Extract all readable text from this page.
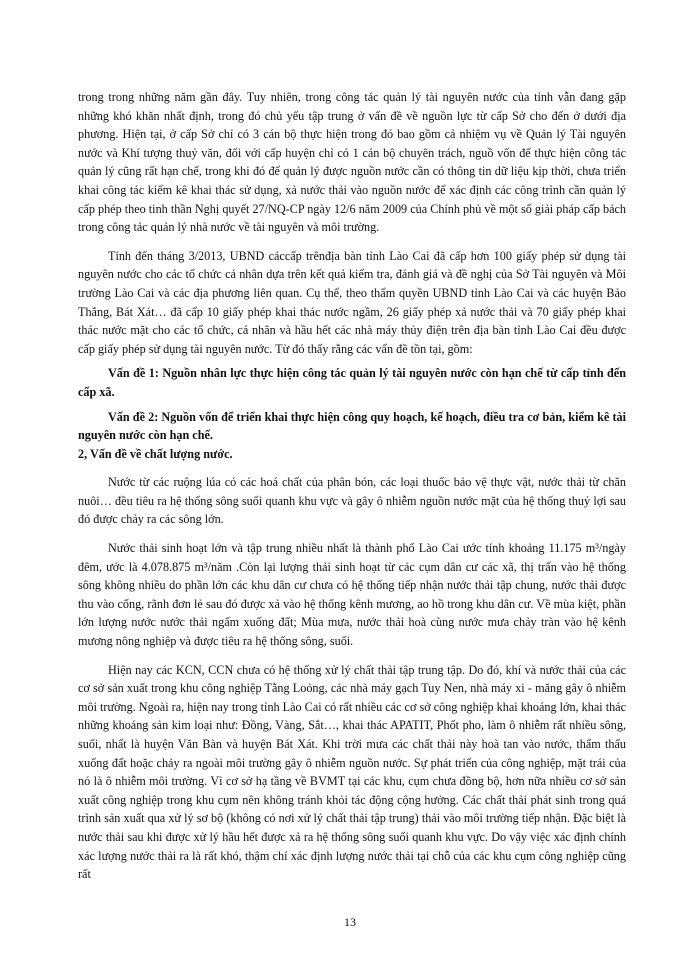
trong trong những năm gần đây. Tuy nhiên, trong công tác quản lý tài nguyên nước của tỉnh vẫn đang gặp những khó khăn nhất định, trong đó chủ yếu tập trung ở vấn đề về nguồn lực từ cấp Sở cho đến ở dưới địa phương. Hiện tại, ở cấp Sở chỉ có 3 cán bộ thực hiện trong đó bao gồm cả nhiệm vụ về Quản lý Tài nguyên nước và Khí tượng thuỷ văn, đối với cấp huyện chỉ có 1 cán bộ chuyên trách, nguồ vốn để thực hiện công tác quản lý cũng rất hạn chế, trong khi đó để quản lý được nguồn nước cần có thông tin dữ liệu kịp thời, chưa triển khai công tác kiểm kê khai thác sử dụng, xả nước thải vào nguồn nước để xác định các công trình cần quản lý cấp phép theo tinh thần Nghị quyết 27/NQ-CP ngày 12/6 năm 2009 của Chính phủ về một số giải pháp cấp bách trong công tác quản lý nhà nước về tài nguyên và môi trường.

Tính đến tháng 3/2013, UBND cáccấp trênđịa bàn tỉnh Lào Cai đã cấp hơn 100 giấy phép sử dụng tài nguyên nước cho các tổ chức cá nhân dựa trên kết quả kiểm tra, đánh giá và đề nghị của Sở Tài nguyên và Môi trường Lào Cai và các địa phương liên quan. Cụ thể, theo thẩm quyền UBND tỉnh Lào Cai và các huyện Bảo Thắng, Bát Xát… đã cấp 10 giấy phép khai thác nước ngầm, 26 giấy phép xả nước thải và 70 giấy phép khai thác nước mặt cho các tổ chức, cá nhân và hầu hết các nhà máy thủy điện trên địa bàn tỉnh Lào Cai đều được cấp giấy phép sử dụng tài nguyên nước. Từ đó thấy rằng các vấn đề tồn tại, gồm:

Vấn đề 1: Nguồn nhân lực thực hiện công tác quản lý tài nguyên nước còn hạn chế từ cấp tỉnh đến cấp xã.

Vấn đề 2: Nguồn vốn để triển khai thực hiện công quy hoạch, kế hoạch, điều tra cơ bản, kiểm kê tài nguyên nước còn hạn chế.

2, Vấn đề về chất lượng nước.

Nước từ các ruộng lúa có các hoá chất của phân bón, các loại thuốc bảo vệ thực vật, nước thải từ chăn nuôi… đều tiêu ra hệ thống sông suối quanh khu vực và gây ô nhiễm nguồn nước mặt của hệ thống thuỷ lợi sau đó được chảy ra các sông lớn.

Nước thải sinh hoạt lớn và tập trung nhiều nhất là thành phố Lào Cai ước tính khoảng 11.175 m³/ngày đêm, ước là 4.078.875 m³/năm .Còn lại lượng thải sinh hoạt từ các cụm dân cư các xã, thị trấn vào hệ thống sông không nhiều do phần lớn các khu dân cư chưa có hệ thống tiếp nhận nước thải tập chung, nước thải được thu vào cống, rãnh đơn lẻ sau đó được xả vào hệ thống kênh mương, ao hồ trong khu dân cư. Về mùa kiệt, phần lớn lượng nước nước thải ngấm xuống đất; Mùa mưa, nước thải hoà cùng nước mưa chảy tràn vào hệ kênh mương nông nghiệp và được tiêu ra hệ thống sông, suối.

Hiện nay các KCN, CCN chưa có hệ thống xử lý chất thải tập trung tập. Do đó, khí và nước thải của các cơ sở sản xuất trong khu công nghiệp Tằng Loỏng, các nhà máy gạch Tuy Nen, nhà máy xi - măng gây ô nhiễm môi trường. Ngoài ra, hiện nay trong tỉnh Lào Cai có rất nhiều các cơ sở công nghiệp khai khoáng lớn, khai thác những khoáng sản kim loại như: Đồng, Vàng, Sắt…, khai thác APATIT, Phốt pho, làm ô nhiễm rất nhiều sông, suối, nhất là huyện Văn Bàn và huyện Bát Xát. Khi trời mưa các chất thải này hoà tan vào nước, thẩm thấu xuống đất hoặc chảy ra ngoài môi trường gây ô nhiễm nguồn nước. Sự phát triển của công nghiệp, mặt trái của nó là ô nhiễm môi trường. Vì cơ sở hạ tầng về BVMT tại các khu, cụm chưa đồng bộ, hơn nữa nhiều cơ sở sản xuất công nghiệp trong khu cụm nên không tránh khỏi tác động cộng hưởng. Các chất thải phát sinh trong quá trình sản xuất qua xử lý sơ bộ (không có nơi xử lý chất thải tập trung) thải vào môi trường tiếp nhận. Đặc biệt là nước thải sau khi được xử lý hầu hết được xả ra hệ thống sông suối quanh khu vực. Do vậy việc xác định chính xác lượng nước thải ra là rất khó, thậm chí xác định lượng nước thải tại chỗ của các khu cụm công nghiệp cũng rất

13
